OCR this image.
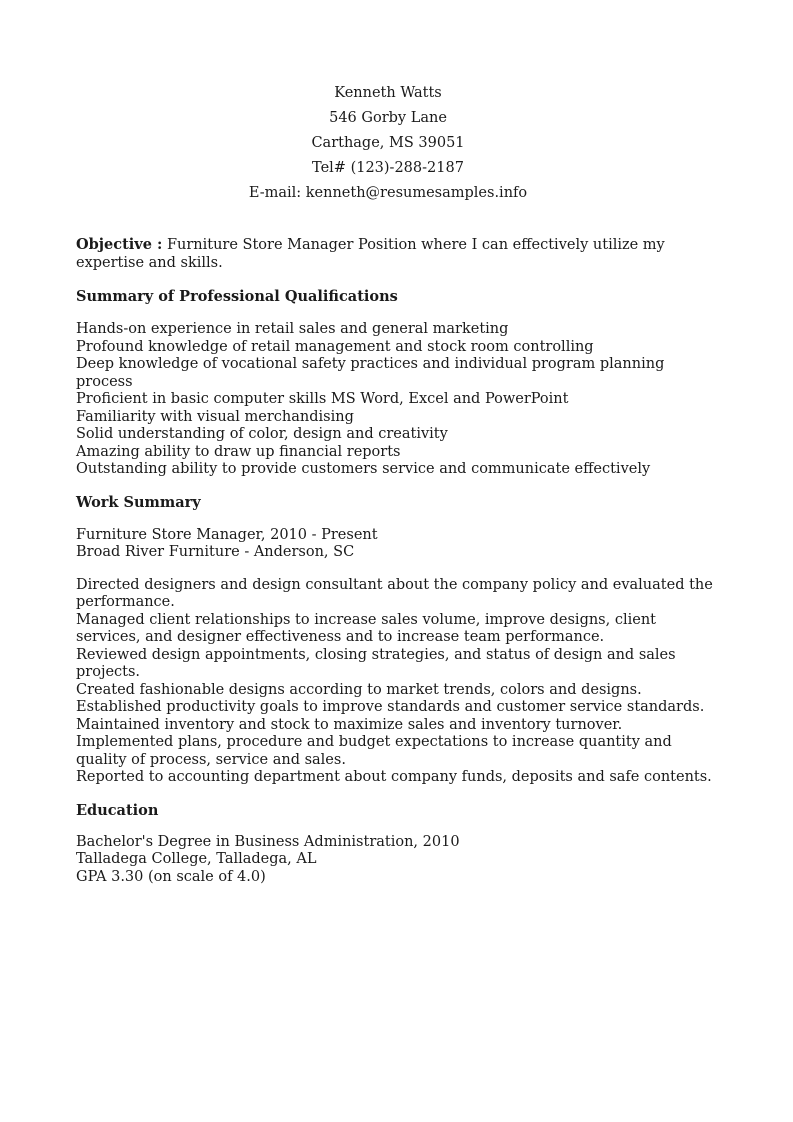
Kenneth Watts
546 Gorby Lane
Carthage, MS 39051
Tel# (123)-288-2187
E-mail: kenneth@resumesamples.info
Objective : Furniture Store Manager Position where I can effectively utilize my expertise and skills.
Summary of Professional Qualifications
Hands-on experience in retail sales and general marketing
Profound knowledge of retail management and stock room controlling
Deep knowledge of vocational safety practices and individual program planning process
Proficient in basic computer skills MS Word, Excel and PowerPoint
Familiarity with visual merchandising
Solid understanding of color, design and creativity
Amazing ability to draw up financial reports
Outstanding ability to provide customers service and communicate effectively
Work Summary
Furniture Store Manager, 2010 - Present
Broad River Furniture - Anderson, SC
Directed designers and design consultant about the company policy and evaluated the performance.
Managed client relationships to increase sales volume, improve designs, client services, and designer effectiveness and to increase team performance.
Reviewed design appointments, closing strategies, and status of design and sales projects.
Created fashionable designs according to market trends, colors and designs.
Established productivity goals to improve standards and customer service standards.
Maintained inventory and stock to maximize sales and inventory turnover.
Implemented plans, procedure and budget expectations to increase quantity and quality of process, service and sales.
Reported to accounting department about company funds, deposits and safe contents.
Education
Bachelor's Degree in Business Administration, 2010
Talladega College, Talladega, AL
GPA 3.30 (on scale of 4.0)
